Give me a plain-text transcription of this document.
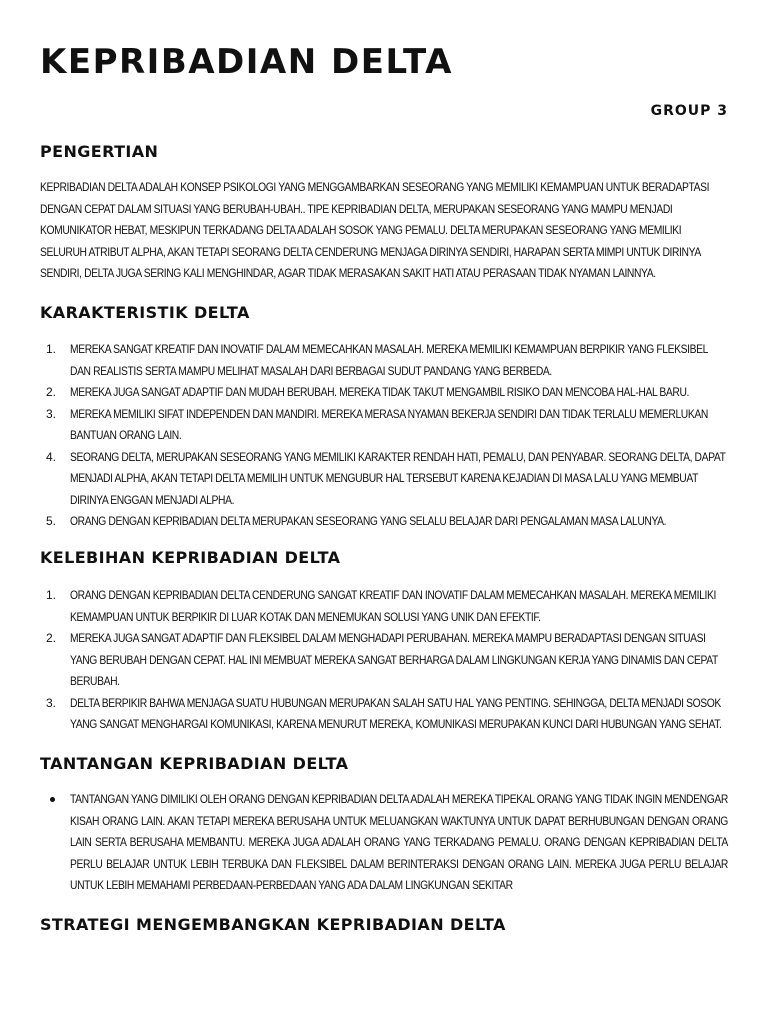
KEPRIBADIAN DELTA
GROUP 3
PENGERTIAN

KEPRIBADIAN DELTA ADALAH KONSEP PSIKOLOGI YANG MENGGAMBARKAN SESEORANG YANG MEMILIKI KEMAMPUAN UNTUK BERADAPTASI DENGAN CEPAT DALAM SITUASI YANG BERUBAH-UBAH.. TIPE KEPRIBADIAN DELTA, MERUPAKAN SESEORANG YANG MAMPU MENJADI KOMUNIKATOR HEBAT, MESKIPUN TERKADANG DELTA ADALAH SOSOK YANG PEMALU. DELTA MERUPAKAN SESEORANG YANG MEMILIKI SELURUH ATRIBUT ALPHA, AKAN TETAPI SEORANG DELTA CENDERUNG MENJAGA DIRINYA SENDIRI, HARAPAN SERTA MIMPI UNTUK DIRINYA SENDIRI, DELTA JUGA SERING KALI MENGHINDAR, AGAR TIDAK MERASAKAN SAKIT HATI ATAU PERASAAN TIDAK NYAMAN LAINNYA.

KARAKTERISTIK DELTA
1. MEREKA SANGAT KREATIF DAN INOVATIF DALAM MEMECAHKAN MASALAH. MEREKA MEMILIKI KEMAMPUAN BERPIKIR YANG FLEKSIBEL DAN REALISTIS SERTA MAMPU MELIHAT MASALAH DARI BERBAGAI SUDUT PANDANG YANG BERBEDA.
2. MEREKA JUGA SANGAT ADAPTIF DAN MUDAH BERUBAH. MEREKA TIDAK TAKUT MENGAMBIL RISIKO DAN MENCOBA HAL-HAL BARU.
3. MEREKA MEMILIKI SIFAT INDEPENDEN DAN MANDIRI. MEREKA MERASA NYAMAN BEKERJA SENDIRI DAN TIDAK TERLALU MEMERLUKAN BANTUAN ORANG LAIN.
4. SEORANG DELTA, MERUPAKAN SESEORANG YANG MEMILIKI KARAKTER RENDAH HATI, PEMALU, DAN PENYABAR. SEORANG DELTA, DAPAT MENJADI ALPHA, AKAN TETAPI DELTA MEMILIH UNTUK MENGUBUR HAL TERSEBUT KARENA KEJADIAN DI MASA LALU YANG MEMBUAT DIRINYA ENGGAN MENJADI ALPHA.
5. ORANG DENGAN KEPRIBADIAN DELTA MERUPAKAN SESEORANG YANG SELALU BELAJAR DARI PENGALAMAN MASA LALUNYA.
KELEBIHAN KEPRIBADIAN DELTA
1. ORANG DENGAN KEPRIBADIAN DELTA CENDERUNG SANGAT KREATIF DAN INOVATIF DALAM MEMECAHKAN MASALAH. MEREKA MEMILIKI KEMAMPUAN UNTUK BERPIKIR DI LUAR KOTAK DAN MENEMUKAN SOLUSI YANG UNIK DAN EFEKTIF.
2. MEREKA JUGA SANGAT ADAPTIF DAN FLEKSIBEL DALAM MENGHADAPI PERUBAHAN. MEREKA MAMPU BERADAPTASI DENGAN SITUASI YANG BERUBAH DENGAN CEPAT. HAL INI MEMBUAT MEREKA SANGAT BERHARGA DALAM LINGKUNGAN KERJA YANG DINAMIS DAN CEPAT BERUBAH.
3. DELTA BERPIKIR BAHWA MENJAGA SUATU HUBUNGAN MERUPAKAN SALAH SATU HAL YANG PENTING. SEHINGGA, DELTA MENJADI SOSOK YANG SANGAT MENGHARGAI KOMUNIKASI, KARENA MENURUT MEREKA, KOMUNIKASI MERUPAKAN KUNCI DARI HUBUNGAN YANG SEHAT.
TANTANGAN KEPRIBADIAN DELTA
TANTANGAN YANG DIMILIKI OLEH ORANG DENGAN KEPRIBADIAN DELTA ADALAH MEREKA TIPEKAL ORANG YANG TIDAK INGIN MENDENGAR KISAH ORANG LAIN. AKAN TETAPI MEREKA BERUSAHA UNTUK MELUANGKAN WAKTUNYA UNTUK DAPAT BERHUBUNGAN DENGAN ORANG LAIN SERTA BERUSAHA MEMBANTU. MEREKA JUGA ADALAH ORANG YANG TERKADANG PEMALU. ORANG DENGAN KEPRIBADIAN DELTA PERLU BELAJAR UNTUK LEBIH TERBUKA DAN FLEKSIBEL DALAM BERINTERAKSI DENGAN ORANG LAIN. MEREKA JUGA PERLU BELAJAR UNTUK LEBIH MEMAHAMI PERBEDAAN-PERBEDAAN YANG ADA DALAM LINGKUNGAN SEKITAR
STRATEGI MENGEMBANGKAN KEPRIBADIAN DELTA
